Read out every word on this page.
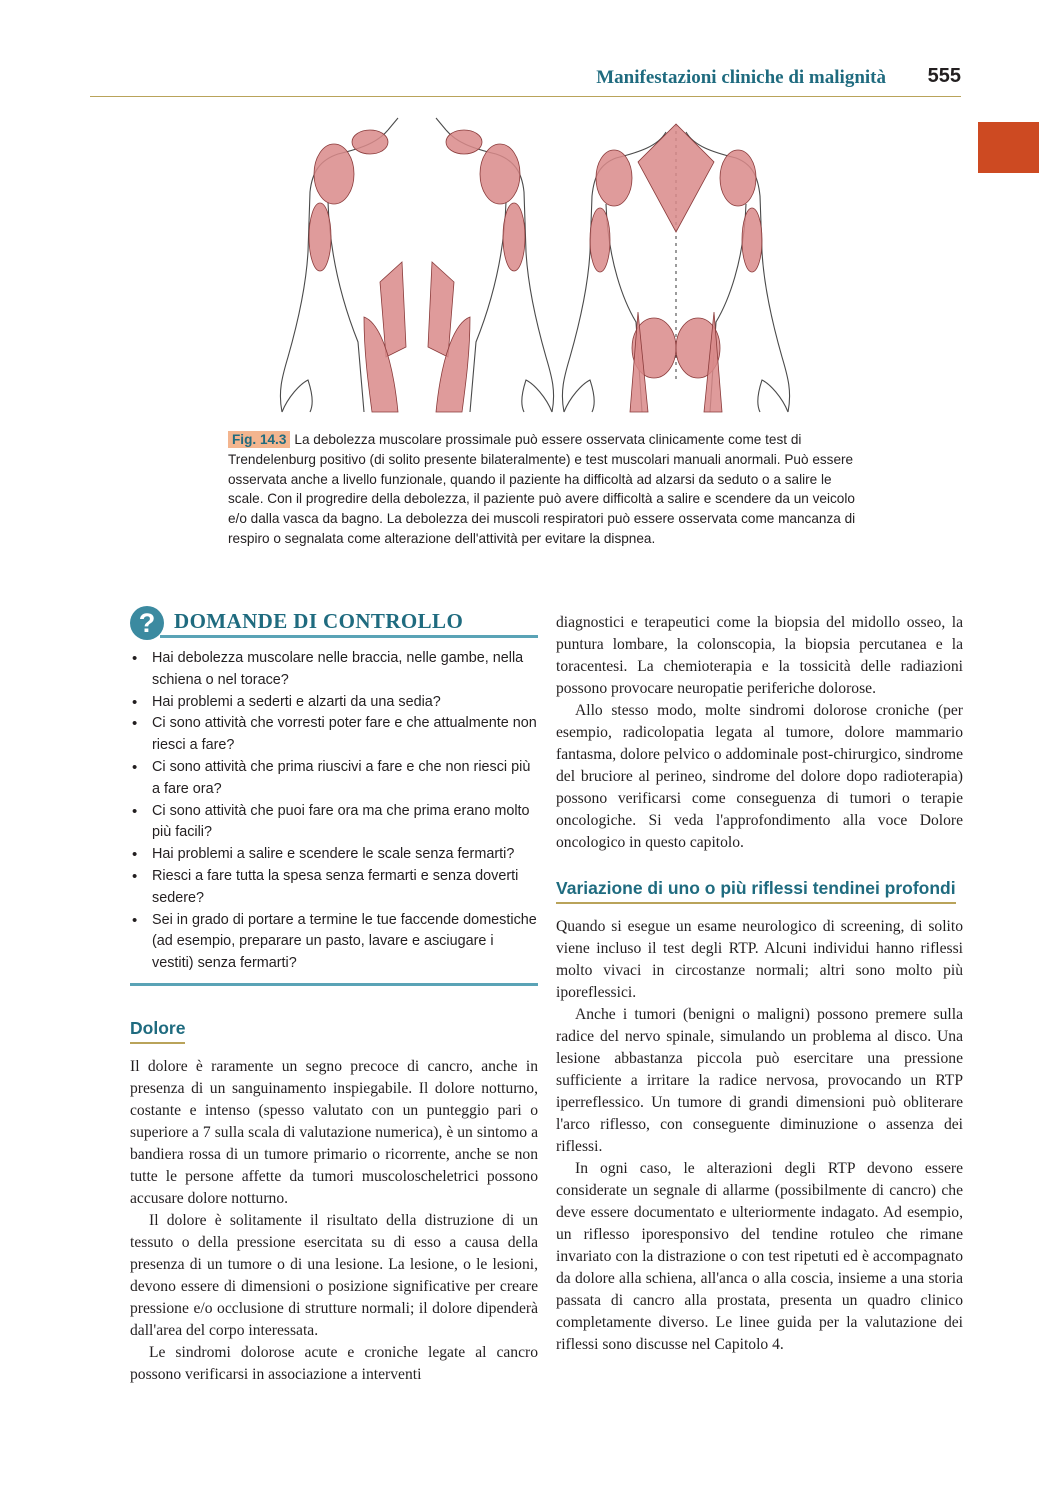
Manifestazioni cliniche di malignità 555
Fig. 14.3 La debolezza muscolare prossimale può essere osservata clinicamente come test di Trendelenburg positivo (di solito presente bilateralmente) e test muscolari manuali anormali. Può essere osservata anche a livello funzionale, quando il paziente ha difficoltà ad alzarsi da seduto o a salire le scale. Con il progredire della debolezza, il paziente può avere difficoltà a salire e scendere da un veicolo e/o dalla vasca da bagno. La debolezza dei muscoli respiratori può essere osservata come mancanza di respiro o segnalata come alterazione dell'attività per evitare la dispnea.
? DOMANDE DI CONTROLLO
• Hai debolezza muscolare nelle braccia, nelle gambe, nella schiena o nel torace?
• Hai problemi a sederti e alzarti da una sedia?
• Ci sono attività che vorresti poter fare e che attualmente non riesci a fare?
• Ci sono attività che prima riuscivi a fare e che non riesci più a fare ora?
• Ci sono attività che puoi fare ora ma che prima erano molto più facili?
• Hai problemi a salire e scendere le scale senza fermarti?
• Riesci a fare tutta la spesa senza fermarti e senza doverti sedere?
• Sei in grado di portare a termine le tue faccende domestiche (ad esempio, preparare un pasto, lavare e asciugare i vestiti) senza fermarti?
Dolore

Il dolore è raramente un segno precoce di cancro, anche in presenza di un sanguinamento inspiegabile. Il dolore notturno, costante e intenso (spesso valutato con un punteggio pari o superiore a 7 sulla scala di valutazione numerica), è un sintomo a bandiera rossa di un tumore primario o ricorrente, anche se non tutte le persone affette da tumori muscoloscheletrici possono accusare dolore notturno.

Il dolore è solitamente il risultato della distruzione di un tessuto o della pressione esercitata su di esso a causa della presenza di un tumore o di una lesione. La lesione, o le lesioni, devono essere di dimensioni o posizione significative per creare pressione e/o occlusione di strutture normali; il dolore dipenderà dall'area del corpo interessata.

Le sindromi dolorose acute e croniche legate al cancro possono verificarsi in associazione a interventi

diagnostici e terapeutici come la biopsia del midollo osseo, la puntura lombare, la colonscopia, la biopsia percutanea e la toracentesi. La chemioterapia e la tossicità delle radiazioni possono provocare neuropatie periferiche dolorose.

Allo stesso modo, molte sindromi dolorose croniche (per esempio, radicolopatia legata al tumore, dolore mammario fantasma, dolore pelvico o addominale post-chirurgico, sindrome del bruciore al perineo, sindrome del dolore dopo radioterapia) possono verificarsi come conseguenza di tumori o terapie oncologiche. Si veda l'approfondimento alla voce Dolore oncologico in questo capitolo.

Variazione di uno o più riflessi tendinei profondi

Quando si esegue un esame neurologico di screening, di solito viene incluso il test degli RTP. Alcuni individui hanno riflessi molto vivaci in circostanze normali; altri sono molto più iporeflessici.

Anche i tumori (benigni o maligni) possono premere sulla radice del nervo spinale, simulando un problema al disco. Una lesione abbastanza piccola può esercitare una pressione sufficiente a irritare la radice nervosa, provocando un RTP iperreflessico. Un tumore di grandi dimensioni può obliterare l'arco riflesso, con conseguente diminuzione o assenza dei riflessi.

In ogni caso, le alterazioni degli RTP devono essere considerate un segnale di allarme (possibilmente di cancro) che deve essere documentato e ulteriormente indagato. Ad esempio, un riflesso iporesponsivo del tendine rotuleo che rimane invariato con la distrazione o con test ripetuti ed è accompagnato da dolore alla schiena, all'anca o alla coscia, insieme a una storia passata di cancro alla prostata, presenta un quadro clinico completamente diverso. Le linee guida per la valutazione dei riflessi sono discusse nel Capitolo 4.
